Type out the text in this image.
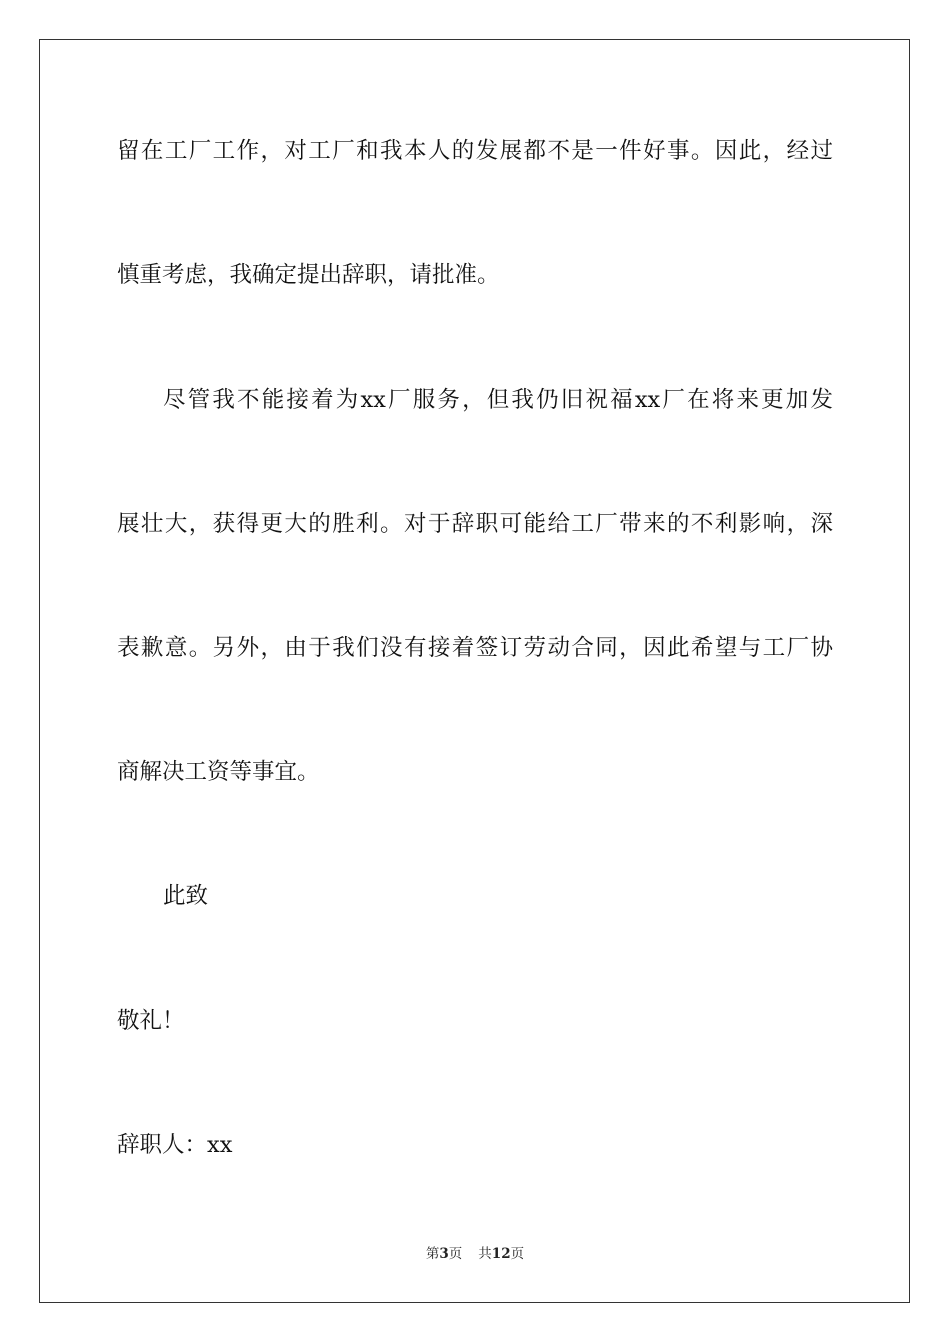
留在工厂工作，对工厂和我本人的发展都不是一件好事。因此，经过
慎重考虑，我确定提出辞职，请批准。
尽管我不能接着为xx厂服务，但我仍旧祝福xx厂在将来更加发
展壮大，获得更大的胜利。对于辞职可能给工厂带来的不利影响，深
表歉意。另外，由于我们没有接着签订劳动合同，因此希望与工厂协
商解决工资等事宜。
此致
敬礼！
辞职人：xx
第3页 共12页
